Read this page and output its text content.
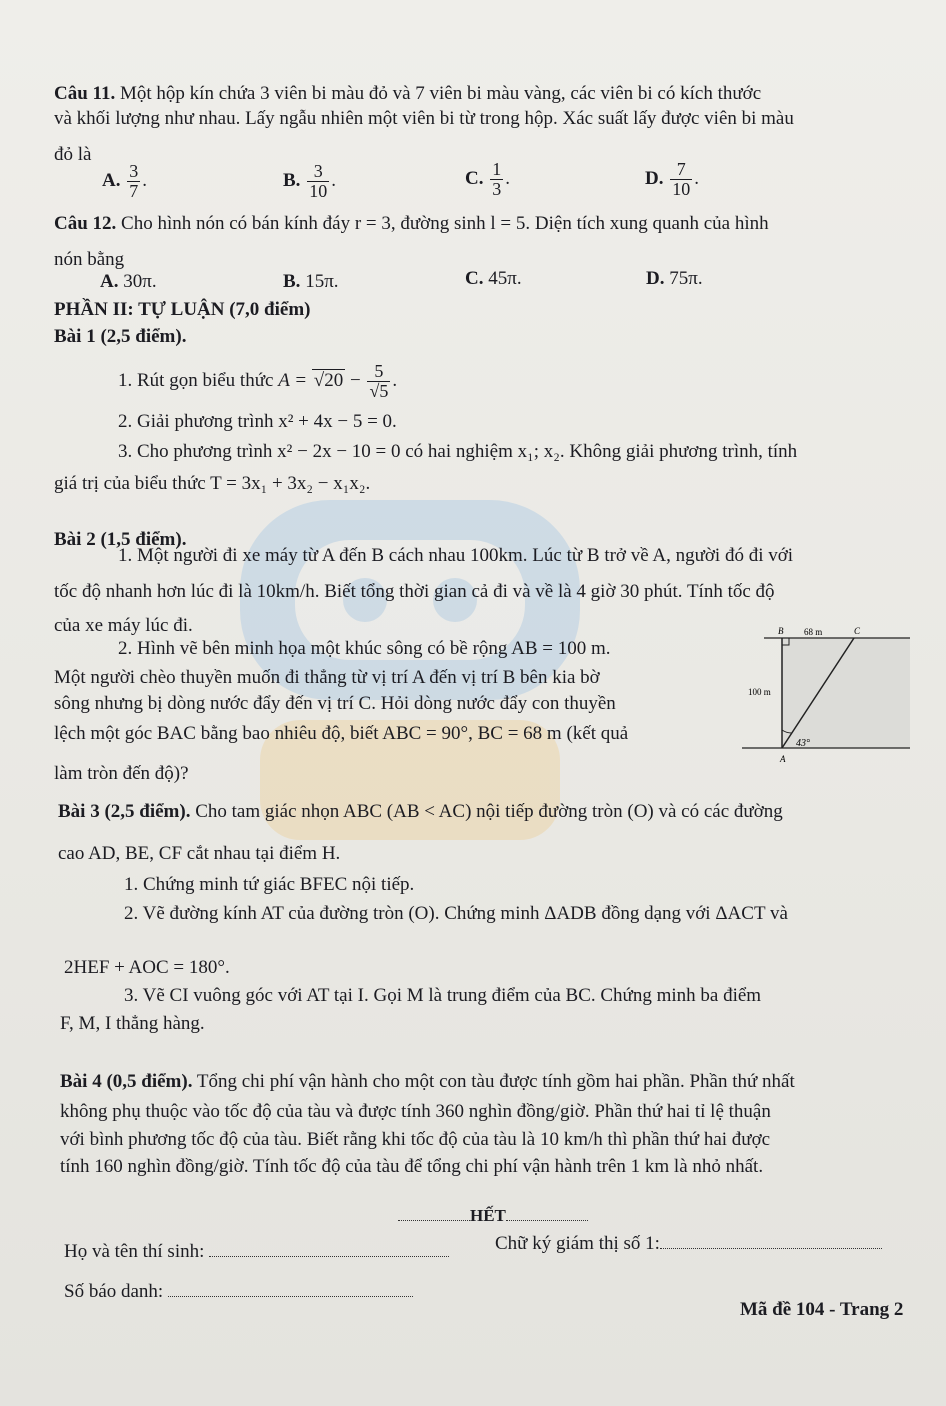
Câu 11. Một hộp kín chứa 3 viên bi màu đỏ và 7 viên bi màu vàng, các viên bi có kích thước
và khối lượng như nhau. Lấy ngẫu nhiên một viên bi từ trong hộp. Xác suất lấy được viên bi màu
đỏ là
A. $\frac{3}{7}$ .	B. $\frac{3}{10}$ .	C. $\frac{1}{3}$ .	D. $\frac{7}{10}$ .
Câu 12. Cho hình nón có bán kính đáy r = 3, đường sinh l = 5. Diện tích xung quanh của hình
nón bằng
A. 30π.	B. 15π.	C. 45π.	D. 75π.
PHẦN II: TỰ LUẬN (7,0 điểm)
Bài 1 (2,5 điểm).
1. Rút gọn biểu thức $A = √20 - \frac{5}{√5}$ .
2. Giải phương trình x² + 4x − 5 = 0.
3. Cho phương trình x² − 2x − 10 = 0 có hai nghiệm x₁; x₂. Không giải phương trình, tính
giá trị của biểu thức T = 3x₁ + 3x₂ − x₁x₂.
Bài 2 (1,5 điểm).
1. Một người đi xe máy từ A đến B cách nhau 100km. Lúc từ B trở về A, người đó đi với
tốc độ nhanh hơn lúc đi là 10km/h. Biết tổng thời gian cả đi và về là 4 giờ 30 phút. Tính tốc độ
của xe máy lúc đi.
2. Hình vẽ bên minh họa một khúc sông có bề rộng AB = 100 m.
Một người chèo thuyền muốn đi thẳng từ vị trí A đến vị trí B bên kia bờ
sông nhưng bị dòng nước đẩy đến vị trí C. Hỏi dòng nước đẩy con thuyền
lệch một góc BAC bằng bao nhiêu độ, biết ABC = 90°, BC = 68 m (kết quả
làm tròn đến độ)?
B	C
A
68 m
100 m
43°
Bài 3 (2,5 điểm). Cho tam giác nhọn ABC (AB < AC) nội tiếp đường tròn (O) và có các đường
cao AD, BE, CF cắt nhau tại điểm H.
1. Chứng minh tứ giác BFEC nội tiếp.
2. Vẽ đường kính AT của đường tròn (O). Chứng minh ΔADB đồng dạng với ΔACT và
2HEF + AOC = 180°.
3. Vẽ CI vuông góc với AT tại I. Gọi M là trung điểm của BC. Chứng minh ba điểm
F, M, I thẳng hàng.
Bài 4 (0,5 điểm). Tổng chi phí vận hành cho một con tàu được tính gồm hai phần. Phần thứ nhất
không phụ thuộc vào tốc độ của tàu và được tính 360 nghìn đồng/giờ. Phần thứ hai tỉ lệ thuận
với bình phương tốc độ của tàu. Biết rằng khi tốc độ của tàu là 10 km/h thì phần thứ hai được
tính 160 nghìn đồng/giờ. Tính tốc độ của tàu để tổng chi phí vận hành trên 1 km là nhỏ nhất.
HẾT
Họ và tên thí sinh:	Chữ ký giám thị số 1:
Số báo danh:
Mã đề 104 - Trang 2
